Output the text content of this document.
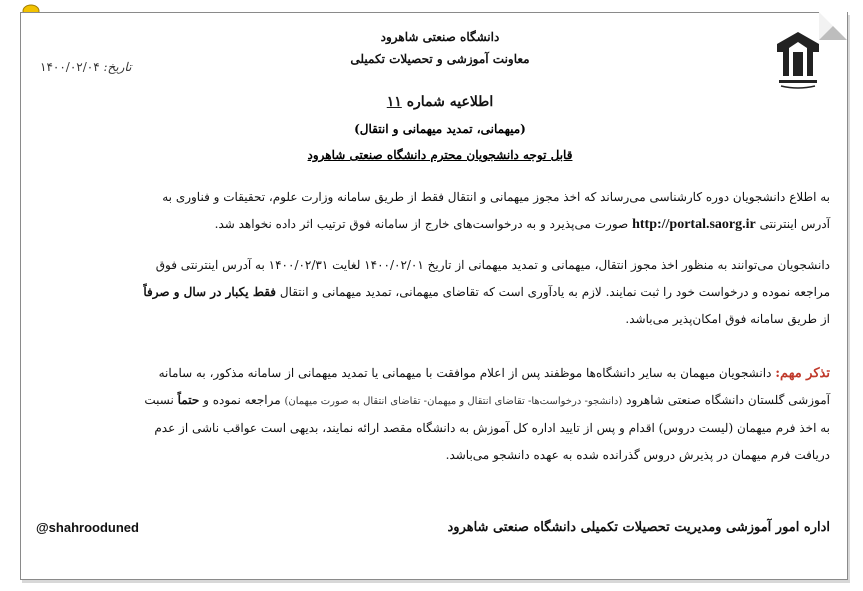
دانشگاه صنعتی شاهرود
معاونت آموزشی و تحصیلات تکمیلی
تاریخ: ۱۴۰۰/۰۲/۰۴
اطلاعیه شماره ۱۱
(میهمانی، تمدید میهمانی و انتقال)
قابل توجه دانشجویان محترم دانشگاه صنعتی شاهرود
به اطلاع دانشجویان دوره کارشناسی می‌رساند که اخذ مجوز میهمانی و انتقال فقط از طریق سامانه وزارت علوم، تحقیقات و فناوری به
آدرس اینترنتی http://portal.saorg.ir صورت می‌پذیرد و به درخواست‌های خارج از سامانه فوق ترتیب اثر داده نخواهد شد.
دانشجویان می‌توانند به منظور اخذ مجوز انتقال، میهمانی و تمدید میهمانی از تاریخ ۱۴۰۰/۰۲/۰۱ لغایت ۱۴۰۰/۰۲/۳۱ به آدرس اینترنتی فوق
مراجعه نموده و درخواست خود را ثبت نمایند. لازم به یادآوری است که تقاضای میهمانی، تمدید میهمانی و انتقال فقط یکبار در سال و صرفاً
از طریق سامانه فوق امکان‌پذیر می‌باشد.
تذکر مهم: دانشجویان میهمان به سایر دانشگاه‌ها موظفند پس از اعلام موافقت با میهمانی یا تمدید میهمانی از سامانه مذکور، به سامانه
آموزشی گلستان دانشگاه صنعتی شاهرود (دانشجو- درخواست‌ها- تقاضای انتقال و میهمان- تقاضای انتقال به صورت میهمان) مراجعه نموده و حتماً نسبت
به اخذ فرم میهمان (لیست دروس) اقدام و پس از تایید اداره کل آموزش به دانشگاه مقصد ارائه نمایند، بدیهی است عواقب ناشی از عدم
دریافت فرم میهمان در پذیرش دروس گذرانده شده به عهده دانشجو می‌باشد.
اداره امور آموزشی ومدیریت تحصیلات تکمیلی دانشگاه صنعتی شاهرود
@shahrooduned
